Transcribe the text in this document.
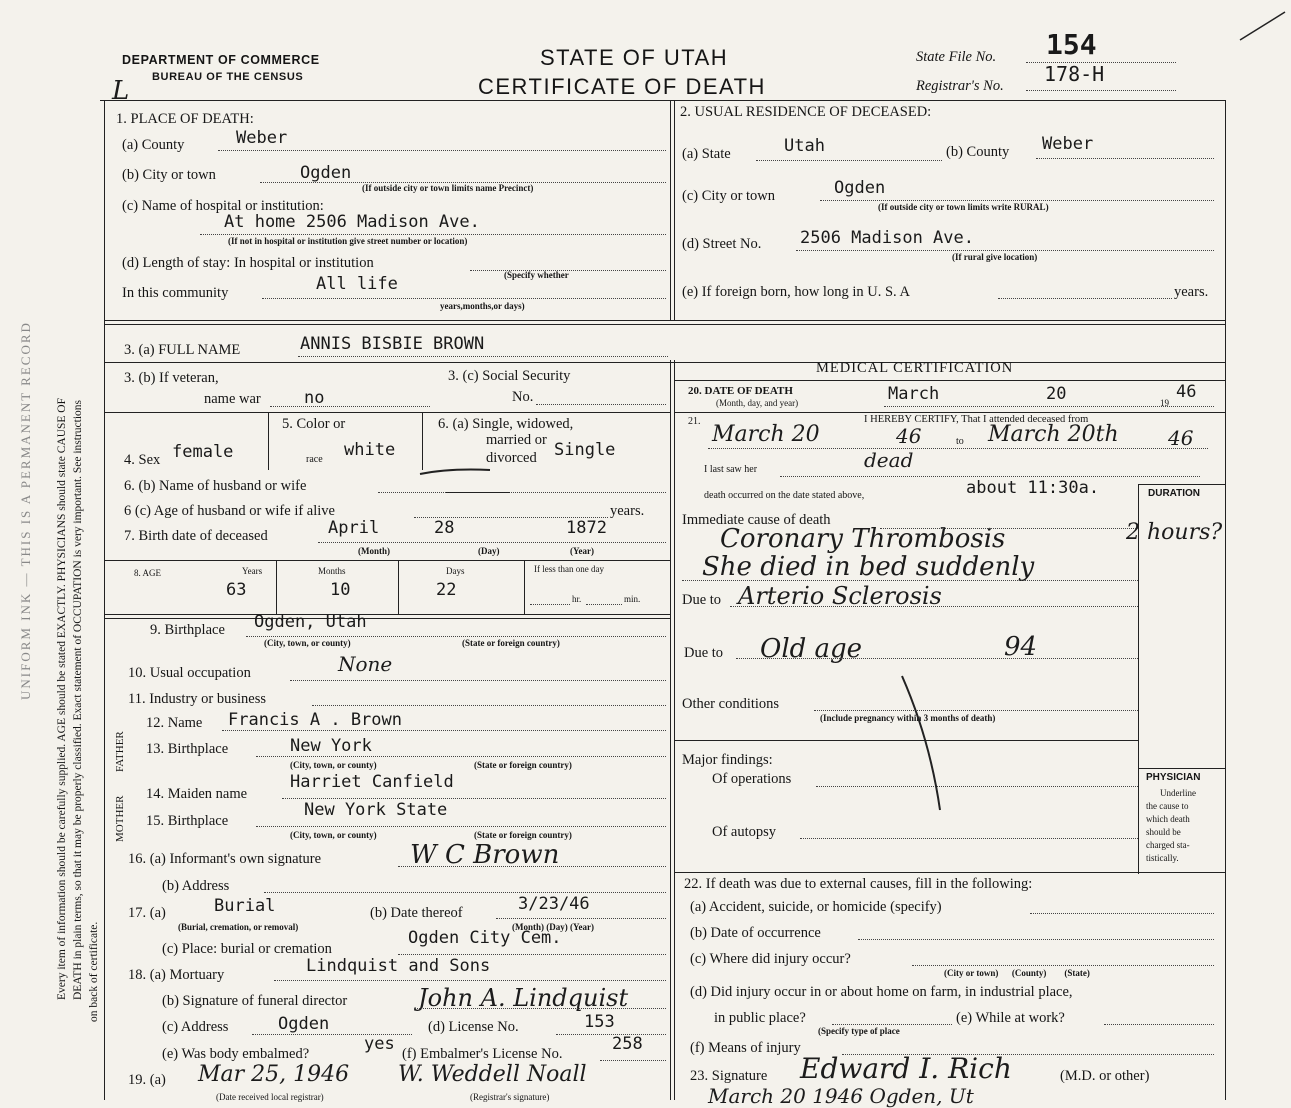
Every item of information should be carefully supplied. AGE should be stated EXACTLY. PHYSICIANS should state CAUSE OF DEATH in plain terms, so that it may be properly classified. Exact statement of OCCUPATION is very important. See instructions on back of certificate.
UNIFORM INK — THIS IS A PERMANENT RECORD
DEPARTMENT OF COMMERCE
BUREAU OF THE CENSUS
L
STATE OF UTAH
CERTIFICATE OF DEATH
State File No. 154
Registrar's No. 178-H
1. PLACE OF DEATH:
(a) County	Weber
(b) City or town	Ogden
(If outside city or town limits name Precinct)
(c) Name of hospital or institution:
At home 2506 Madison Ave.
(If not in hospital or institution give street number or location)
(d) Length of stay: In hospital or institution
(Specify whether
In this community	All life
years,months,or days)
2. USUAL RESIDENCE OF DECEASED:
(a) State	Utah	(b) County Weber
(c) City or town	Ogden
(If outside city or town limits write RURAL)
(d) Street No. 2506 Madison Ave.
(If rural give location)
(e) If foreign born, how long in U. S. A	years.
3. (a) FULL NAME	ANNIS BISBIE BROWN
MEDICAL CERTIFICATION
20. DATE OF DEATH
(Month, day, and year)	March	20	19
46
3. (b) If veteran,
name war	no
3. (c) Social Security
No.
4. Sex female
5. Color or
race white
6. (a) Single, widowed,
married or
divorced Single
21.	I HEREBY CERTIFY, That I attended deceased from
March 20	46	to March 20th 46
I last saw her	dead
death occurred on the date stated above,	about 11:30a.	DURATION
6. (b) Name of husband or wife
6 (c) Age of husband or wife if alive	years.
7. Birth date of deceased	April	28	1872
(Month)	(Day)	(Year)
Immediate cause of death
Coronary Thrombosis	2 hours?
She died in bed suddenly
Due to Arterio Sclerosis
Due to Old age	94
Other conditions
(Include pregnancy within 3 months of death)
Major findings:
Of operations
Of autopsy
PHYSICIAN
Underline
the cause to
which death
should be
charged sta-
tistically.
8. AGE	Years	Months	Days	If less than one day
63	10	22	hr.	min.
9. Birthplace Ogden, Utah
(City, town, or county)	(State or foreign country)
10. Usual occupation	None
11. Industry or business
FATHER
MOTHER
12. Name Francis A . Brown
13. Birthplace	New York
(City, town, or county)	(State or foreign country)
14. Maiden name
Harriet Canfield
15. Birthplace
New York State
(City, town, or county)	(State or foreign country)
16. (a) Informant's own signature	W C Brown
(b) Address
17. (a)	Burial
(Burial, cremation, or removal)
(b) Date thereof	3/23/46
(Month) (Day) (Year)
(c) Place: burial or cremation
Ogden City Cem.
18. (a) Mortuary	Lindquist and Sons
(b) Signature of funeral director	John A. Lindquist
(c) Address	Ogden	(d) License No.	153
(e) Was body embalmed?	yes (f) Embalmer's License No.	258
19. (a) Mar 25, 1946 W. Weddell Noall
(Date received local registrar)	(Registrar's signature)
22. If death was due to external causes, fill in the following:
(a) Accident, suicide, or homicide (specify)
(b) Date of occurrence
(c) Where did injury occur?
(City or town)      (County)        (State)
(d) Did injury occur in or about home on farm, in industrial place,
in public place?
(Specify type of place
(e) While at work?
(f) Means of injury
23. Signature Edward I. Rich	(M.D. or other)
March 20 1946 Ogden, Ut
